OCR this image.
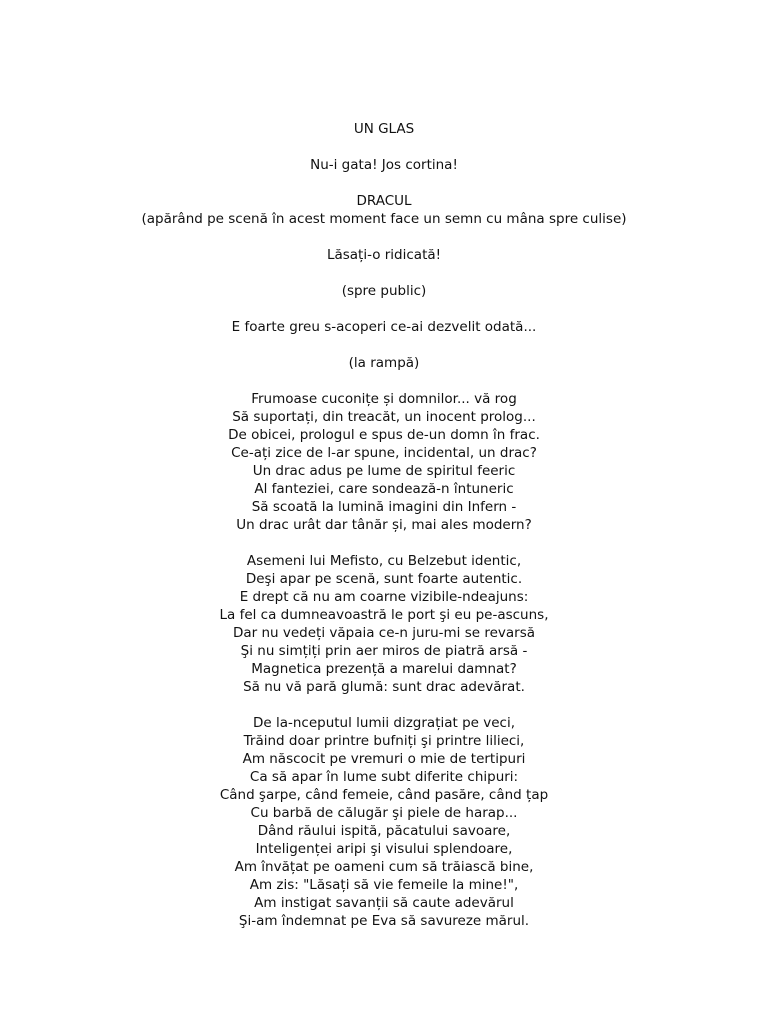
UN GLAS
Nu-i gata! Jos cortina!
DRACUL
(apărând pe scenă în acest moment face un semn cu mâna spre culise)
Lăsați-o ridicată!
(spre public)
E foarte greu s-acoperi ce-ai dezvelit odată...
(la rampă)
Frumoase cuconițe și domnilor... vă rog
Să suportați, din treacăt, un inocent prolog...
De obicei, prologul e spus de-un domn în frac.
Ce-ați zice de l-ar spune, incidental, un drac?
Un drac adus pe lume de spiritul feeric
Al fanteziei, care sondează-n întuneric
Să scoată la lumină imagini din Infern -
Un drac urât dar tânăr și, mai ales modern?
Asemeni lui Mefisto, cu Belzebut identic,
Deşi apar pe scenă, sunt foarte autentic.
E drept că nu am coarne vizibile-ndeajuns:
La fel ca dumneavoastră le port şi eu pe-ascuns,
Dar nu vedeți văpaia ce-n juru-mi se revarsă
Şi nu simțiți prin aer miros de piatră arsă -
Magnetica prezență a marelui damnat?
Să nu vă pară glumă: sunt drac adevărat.
De la-nceputul lumii dizgrațiat pe veci,
Trăind doar printre bufniți şi printre lilieci,
Am născocit pe vremuri o mie de tertipuri
Ca să apar în lume subt diferite chipuri:
Când şarpe, când femeie, când pasăre, când țap
Cu barbă de călugăr şi piele de harap...
Dând răului ispită, păcatului savoare,
Inteligenței aripi şi visului splendoare,
Am învățat pe oameni cum să trăiască bine,
Am zis: "Lăsați să vie femeile la mine!",
Am instigat savanții să caute adevărul
Şi-am îndemnat pe Eva să savureze mărul.
